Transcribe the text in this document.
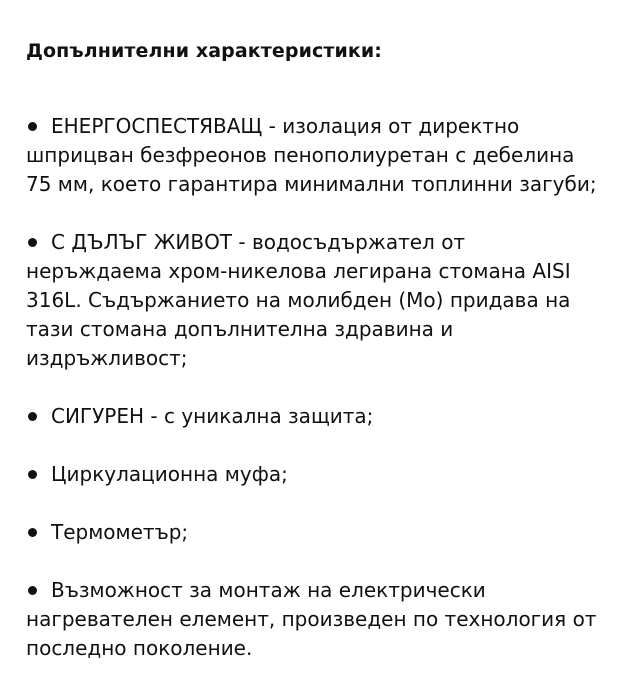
Допълнителни характеристики:
ЕНЕРГОСПЕСТЯВАЩ - изолация от директно шприцван безфреонов пенополиуретан с дебелина 75 мм, което гарантира минимални топлинни загуби;
С ДЪЛЪГ ЖИВОТ - водосъдържател от неръждаема хром-никелова легирана стомана AISI 316L. Съдържанието на молибден (Mo) придава на тази стомана допълнителна здравина и издръжливост;
СИГУРЕН - с уникална защита;
Циркулационна муфа;
Термометър;
Възможност за монтаж на електрически нагревателен елемент, произведен по технология от последно поколение.
